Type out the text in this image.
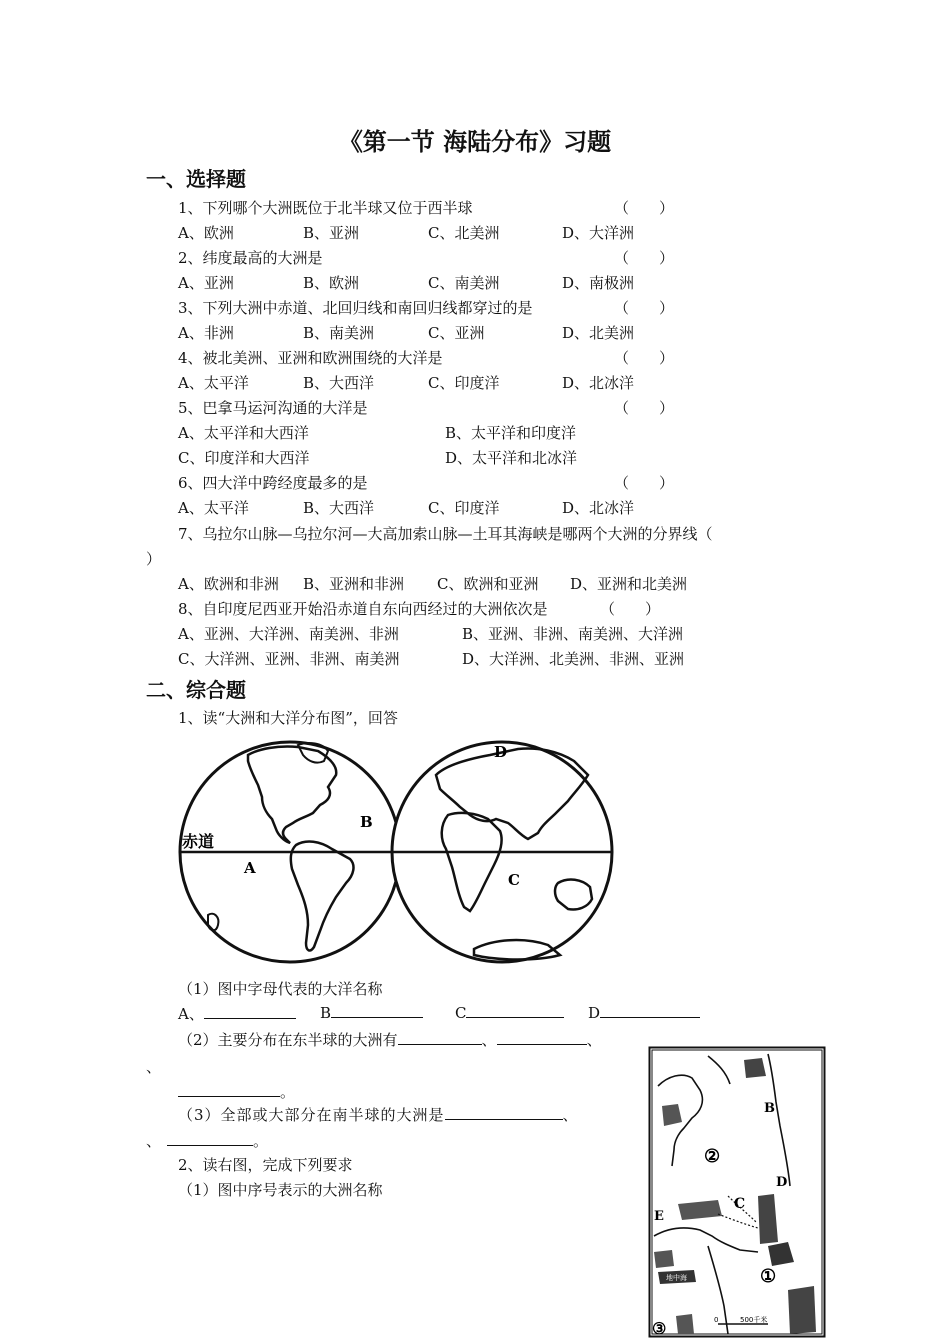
《第一节 海陆分布》习题
一、选择题
1、下列哪个大洲既位于北半球又位于西半球	（　　）
A、欧洲	B、亚洲	C、北美洲	D、大洋洲
2、纬度最高的大洲是	（　　）
A、亚洲	B、欧洲	C、南美洲	D、南极洲
3、下列大洲中赤道、北回归线和南回归线都穿过的是	（　　）
A、非洲	B、南美洲	C、亚洲	D、北美洲
4、被北美洲、亚洲和欧洲围绕的大洋是	（　　）
A、太平洋	B、大西洋	C、印度洋	D、北冰洋
5、巴拿马运河沟通的大洋是	（　　）
A、太平洋和大西洋	B、太平洋和印度洋
C、印度洋和大西洋	D、太平洋和北冰洋
6、四大洋中跨经度最多的是	（　　）
A、太平洋	B、大西洋	C、印度洋	D、北冰洋
7、乌拉尔山脉—乌拉尔河—大高加索山脉—土耳其海峡是哪两个大洲的分界线（
）
A、欧洲和非洲 B、亚洲和非洲 C、欧洲和亚洲 D、亚洲和北美洲
8、自印度尼西亚开始沿赤道自东向西经过的大洲依次是	（　　）
A、亚洲、大洋洲、南美洲、非洲	B、亚洲、非洲、南美洲、大洋洲
C、大洋洲、亚洲、非洲、南美洲	D、大洋洲、北美洲、非洲、亚洲
二、综合题
1、读“大洲和大洋分布图”，回答
赤道
A
B
C
D
（1）图中字母代表的大洋名称
A、	B	C	D
（2）主要分布在东半球的大洲有	、	、
、
。
（3）全部或大部分在南半球的大洲是	、
、	。
2、读右图，完成下列要求
（1）图中序号表示的大洲名称
0	500千米
地中海
B
②
D
C
E
①
③
